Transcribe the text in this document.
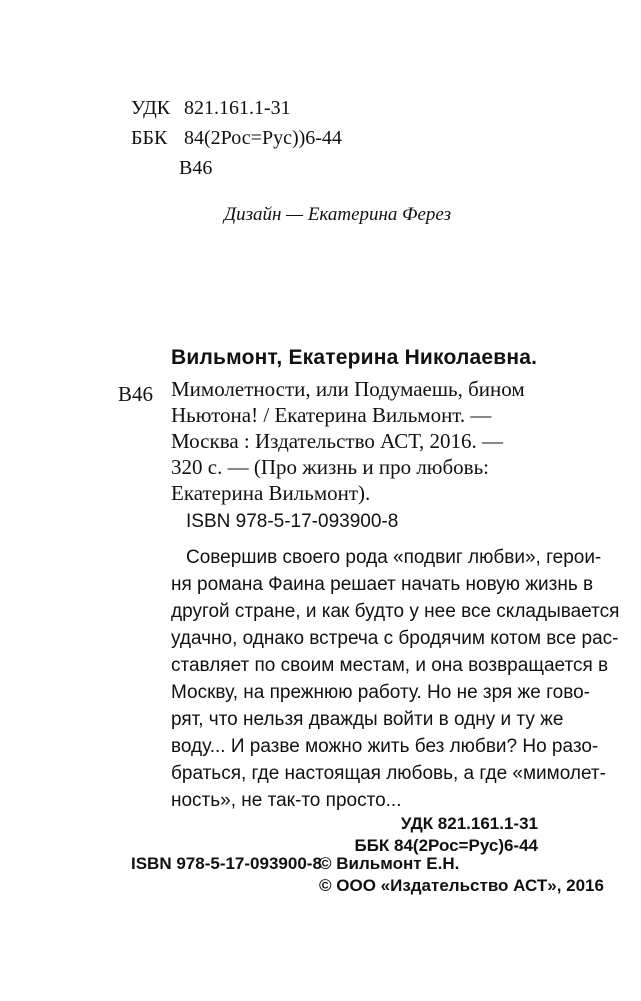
УДК 821.161.1-31
ББК 84(2Рос=Рус))6-44
В46
Дизайн — Екатерина Ферез
Вильмонт, Екатерина Николаевна.
В46 Мимолетности, или Подумаешь, бином
Ньютона! / Екатерина Вильмонт. —
Москва : Издательство АСТ, 2016. —
320 с. — (Про жизнь и про любовь:
Екатерина Вильмонт).
ISBN 978-5-17-093900-8
Совершив своего рода «подвиг любви», герои-
ня романа Фаина решает начать новую жизнь в
другой стране, и как будто у нее все складывается
удачно, однако встреча с бродячим котом все рас-
ставляет по своим местам, и она возвращается в
Москву, на прежнюю работу. Но не зря же гово-
рят, что нельзя дважды войти в одну и ту же
воду... И разве можно жить без любви? Но разо-
браться, где настоящая любовь, а где «мимолет-
ность», не так-то просто...
УДК 821.161.1-31
ББК 84(2Рос=Рус)6-44
© Вильмонт Е.Н.
© ООО «Издательство АСТ», 2016
ISBN 978-5-17-093900-8
